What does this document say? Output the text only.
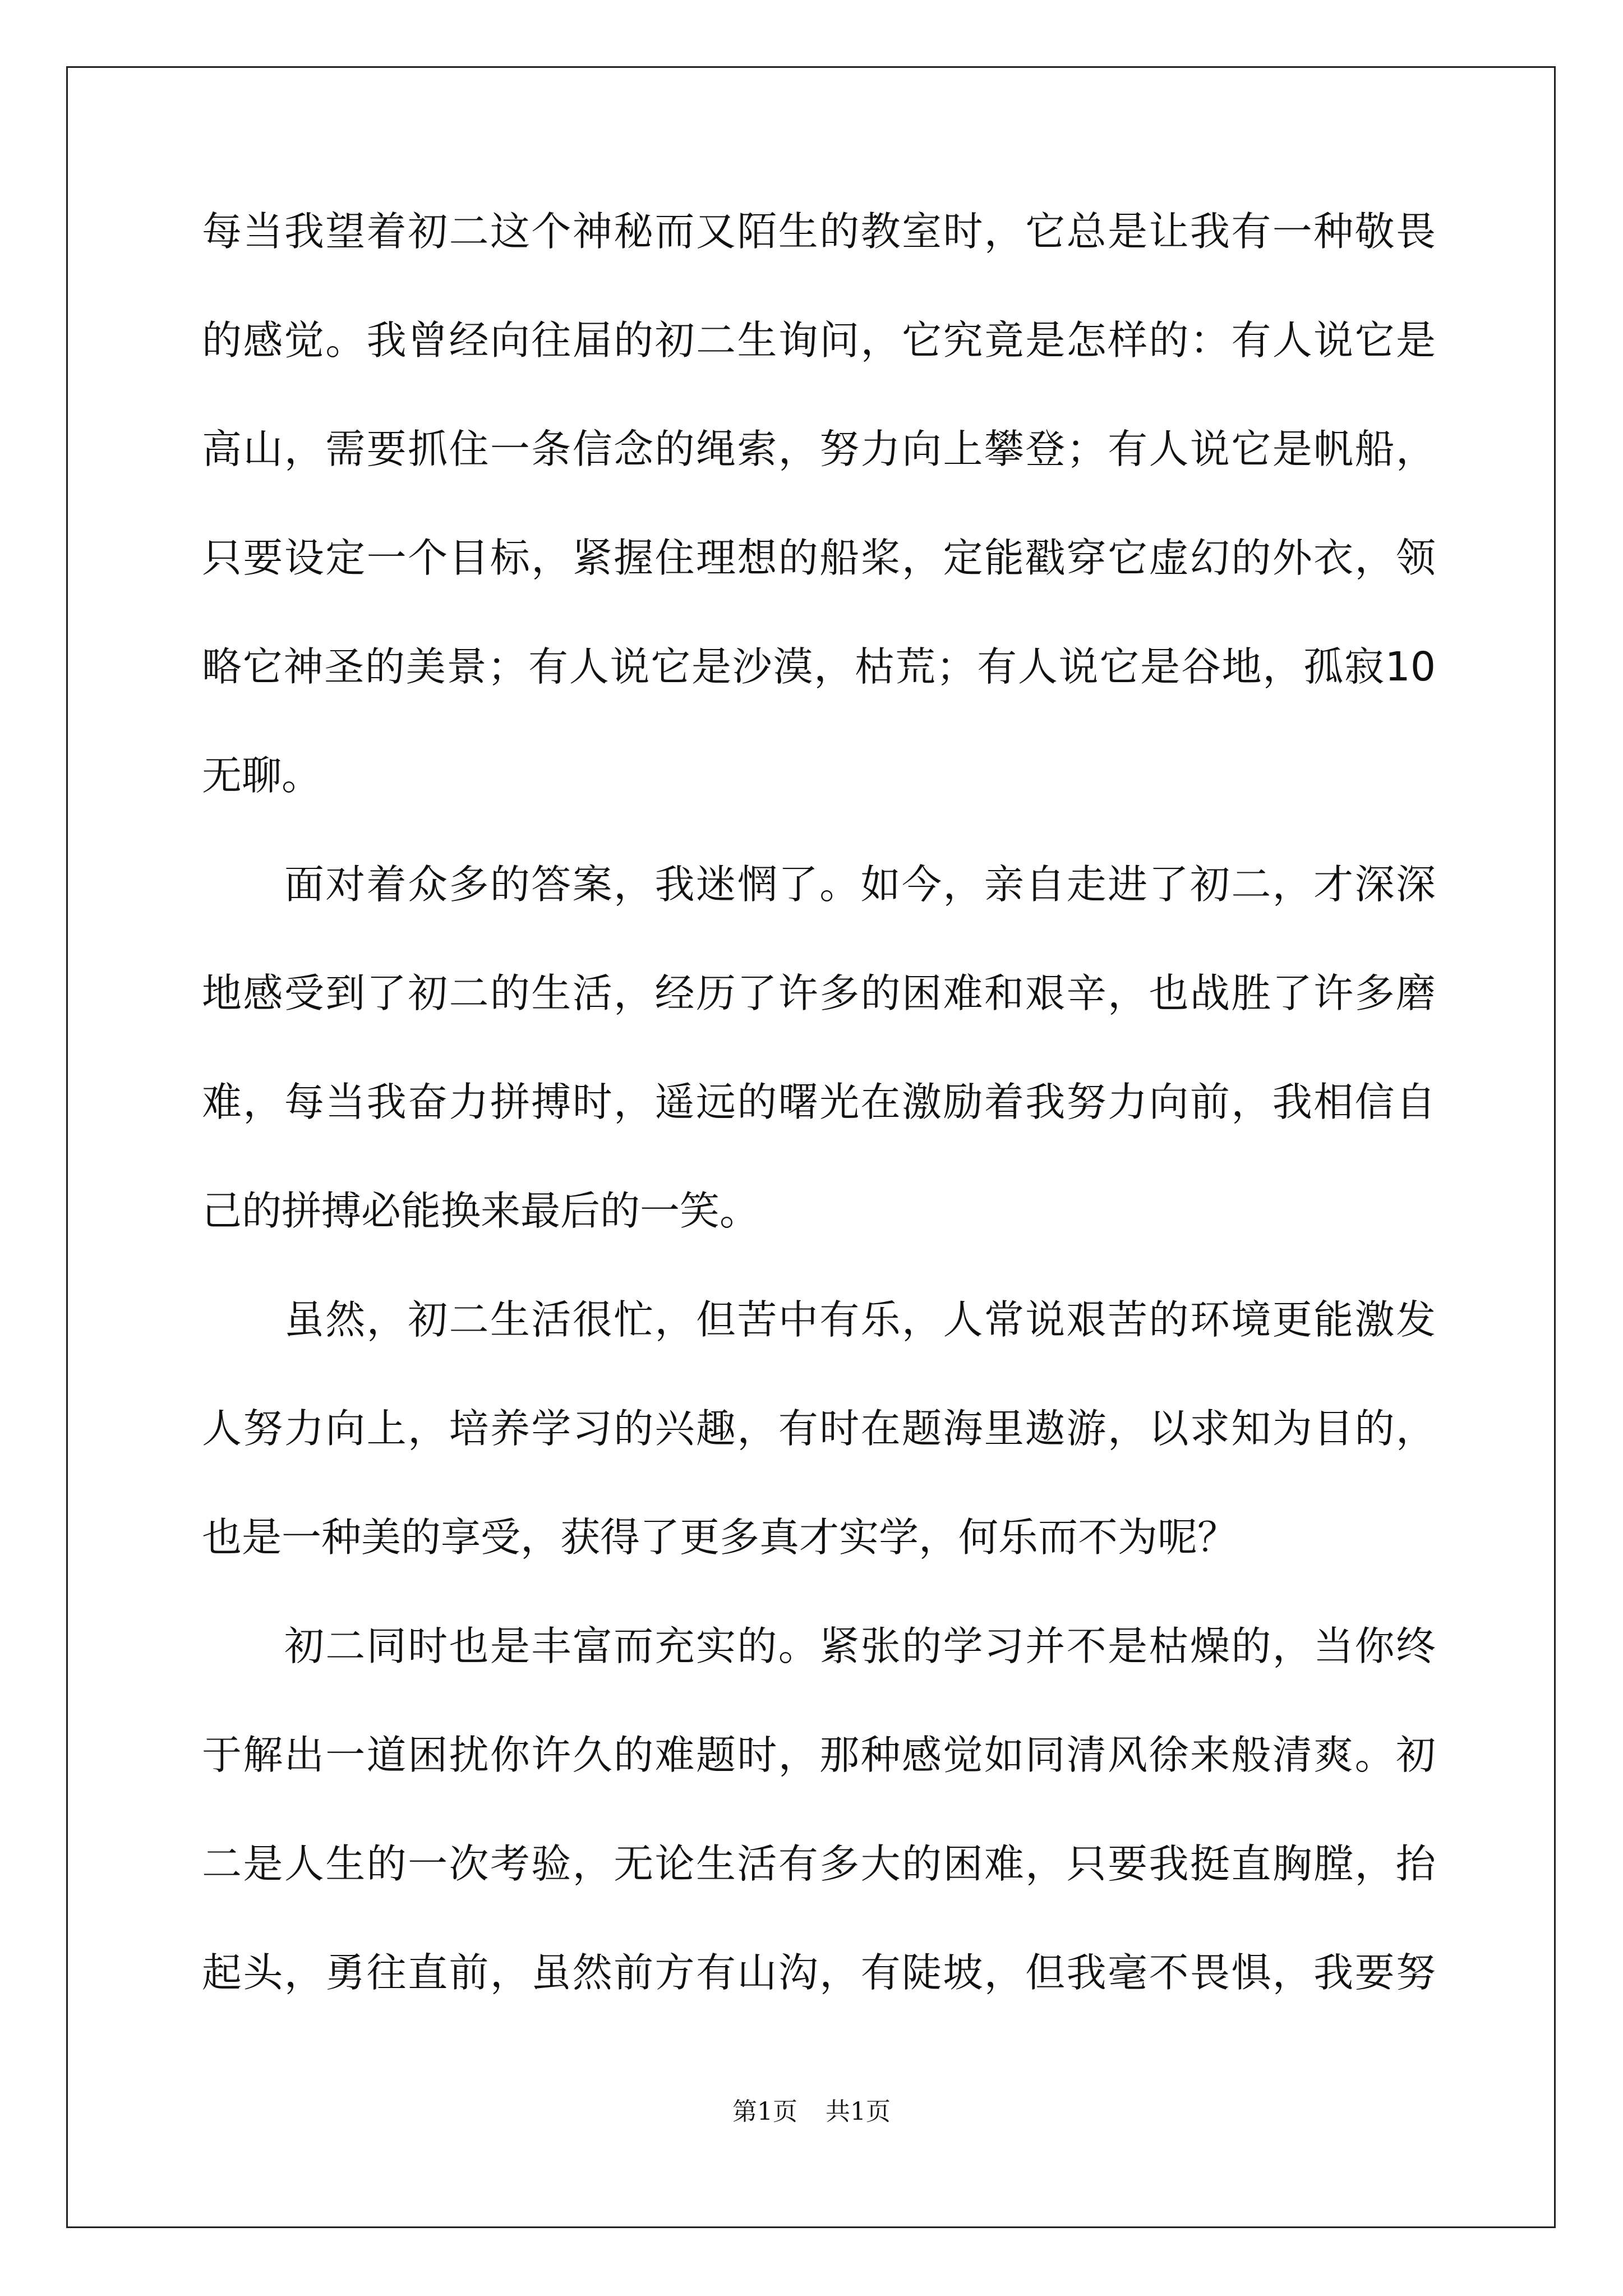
每当我望着初二这个神秘而又陌生的教室时，它总是让我有一种敬畏
的感觉。我曾经向往届的初二生询问，它究竟是怎样的：有人说它是
高山，需要抓住一条信念的绳索，努力向上攀登；有人说它是帆船，
只要设定一个目标，紧握住理想的船桨，定能戳穿它虚幻的外衣，领
略它神圣的美景；有人说它是沙漠，枯荒；有人说它是谷地，孤寂10
无聊。
　　面对着众多的答案，我迷惘了。如今，亲自走进了初二，才深深
地感受到了初二的生活，经历了许多的困难和艰辛，也战胜了许多磨
难，每当我奋力拼搏时，遥远的曙光在激励着我努力向前，我相信自
己的拼搏必能换来最后的一笑。
　　虽然，初二生活很忙，但苦中有乐，人常说艰苦的环境更能激发
人努力向上，培养学习的兴趣，有时在题海里遨游，以求知为目的，
也是一种美的享受，获得了更多真才实学，何乐而不为呢？
　　初二同时也是丰富而充实的。紧张的学习并不是枯燥的，当你终
于解出一道困扰你许久的难题时，那种感觉如同清风徐来般清爽。初
二是人生的一次考验，无论生活有多大的困难，只要我挺直胸膛，抬
起头，勇往直前，虽然前方有山沟，有陡坡，但我毫不畏惧，我要努
第1页 共1页
